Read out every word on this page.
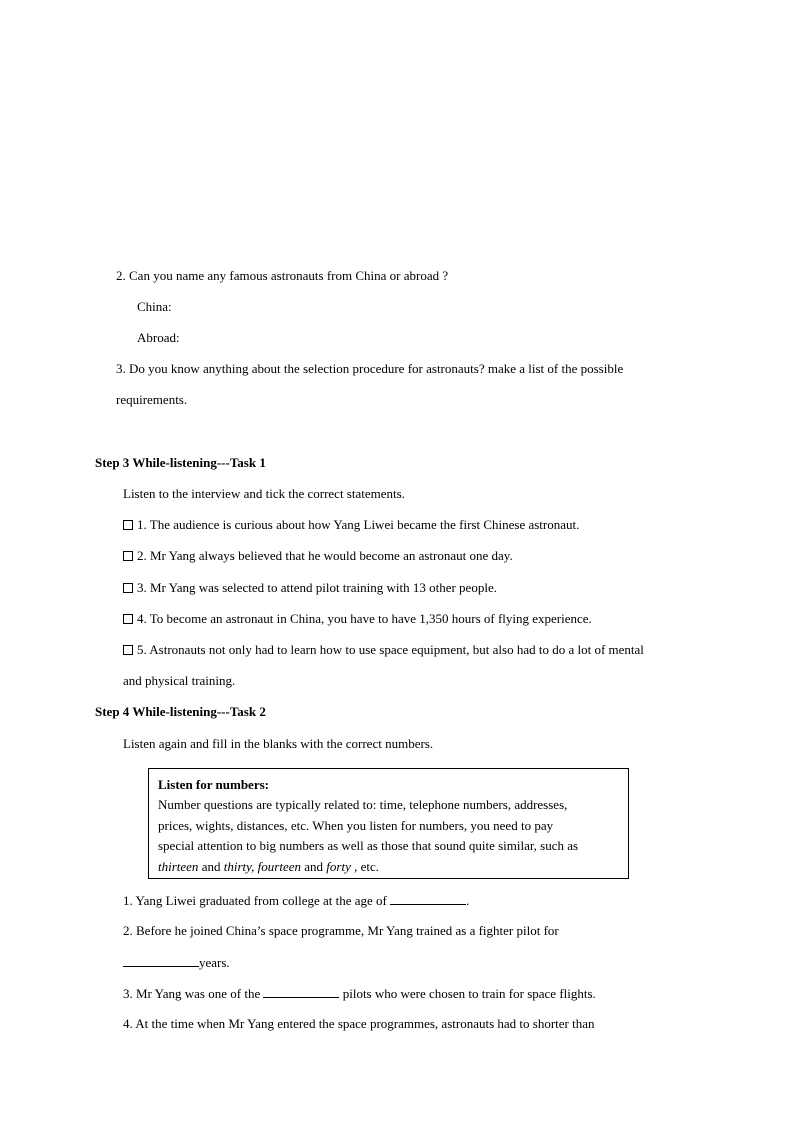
2. Can you name any famous astronauts from China or abroad ?
China:
Abroad:
3. Do you know anything about the selection procedure for astronauts? make a list of the possible
requirements.
Step 3 While-listening---Task 1
Listen to the interview and tick the correct statements.
1. The audience is curious about how Yang Liwei became the first Chinese astronaut.
2. Mr Yang always believed that he would become an astronaut one day.
3. Mr Yang was selected to attend pilot training with 13 other people.
4. To become an astronaut in China, you have to have 1,350 hours of flying experience.
5. Astronauts not only had to learn how to use space equipment, but also had to do a lot of mental
and physical training.
Step 4 While-listening---Task 2
Listen again and fill in the blanks with the correct numbers.
Listen for numbers:
Number questions are typically related to: time, telephone numbers, addresses,
prices, wights, distances, etc. When you listen for numbers, you need to pay
special attention to big numbers as well as those that sound quite similar, such as
thirteen and thirty, fourteen and forty , etc.
1. Yang Liwei graduated from college at the age of	.
2. Before he joined China’s space programme, Mr Yang trained as a fighter pilot for
years.
3. Mr Yang was one of the	pilots who were chosen to train for space flights.
4. At the time when Mr Yang entered the space programmes, astronauts had to shorter than
